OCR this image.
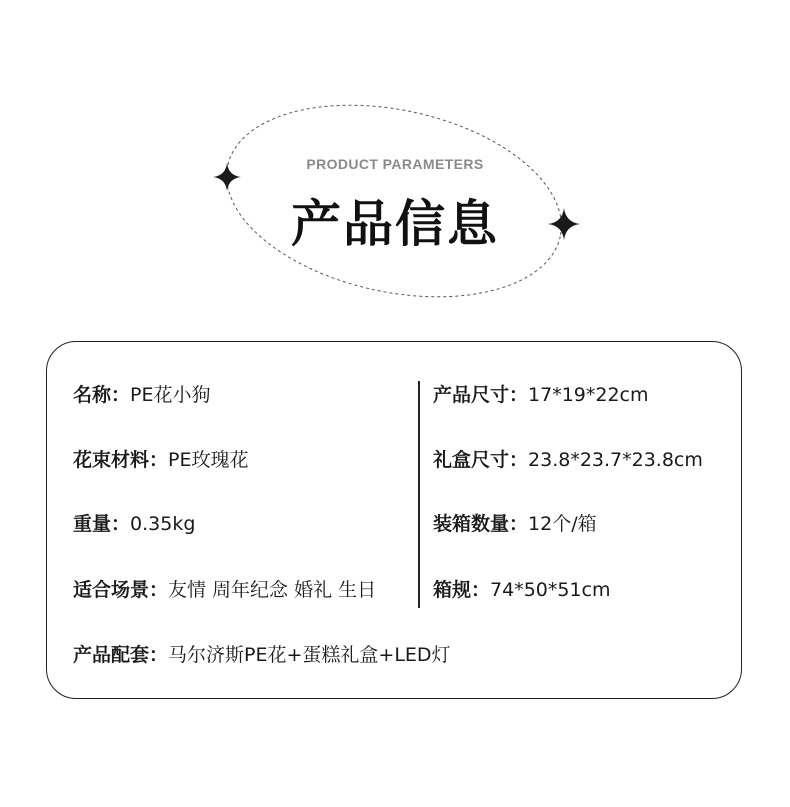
PRODUCT PARAMETERS
产品信息
名称：PE花小狗
花束材料：PE玫瑰花
重量：0.35kg
适合场景：友情 周年纪念 婚礼 生日
产品尺寸：17*19*22cm
礼盒尺寸：23.8*23.7*23.8cm
装箱数量：12个/箱
箱规：74*50*51cm
产品配套：马尔济斯PE花+蛋糕礼盒+LED灯
